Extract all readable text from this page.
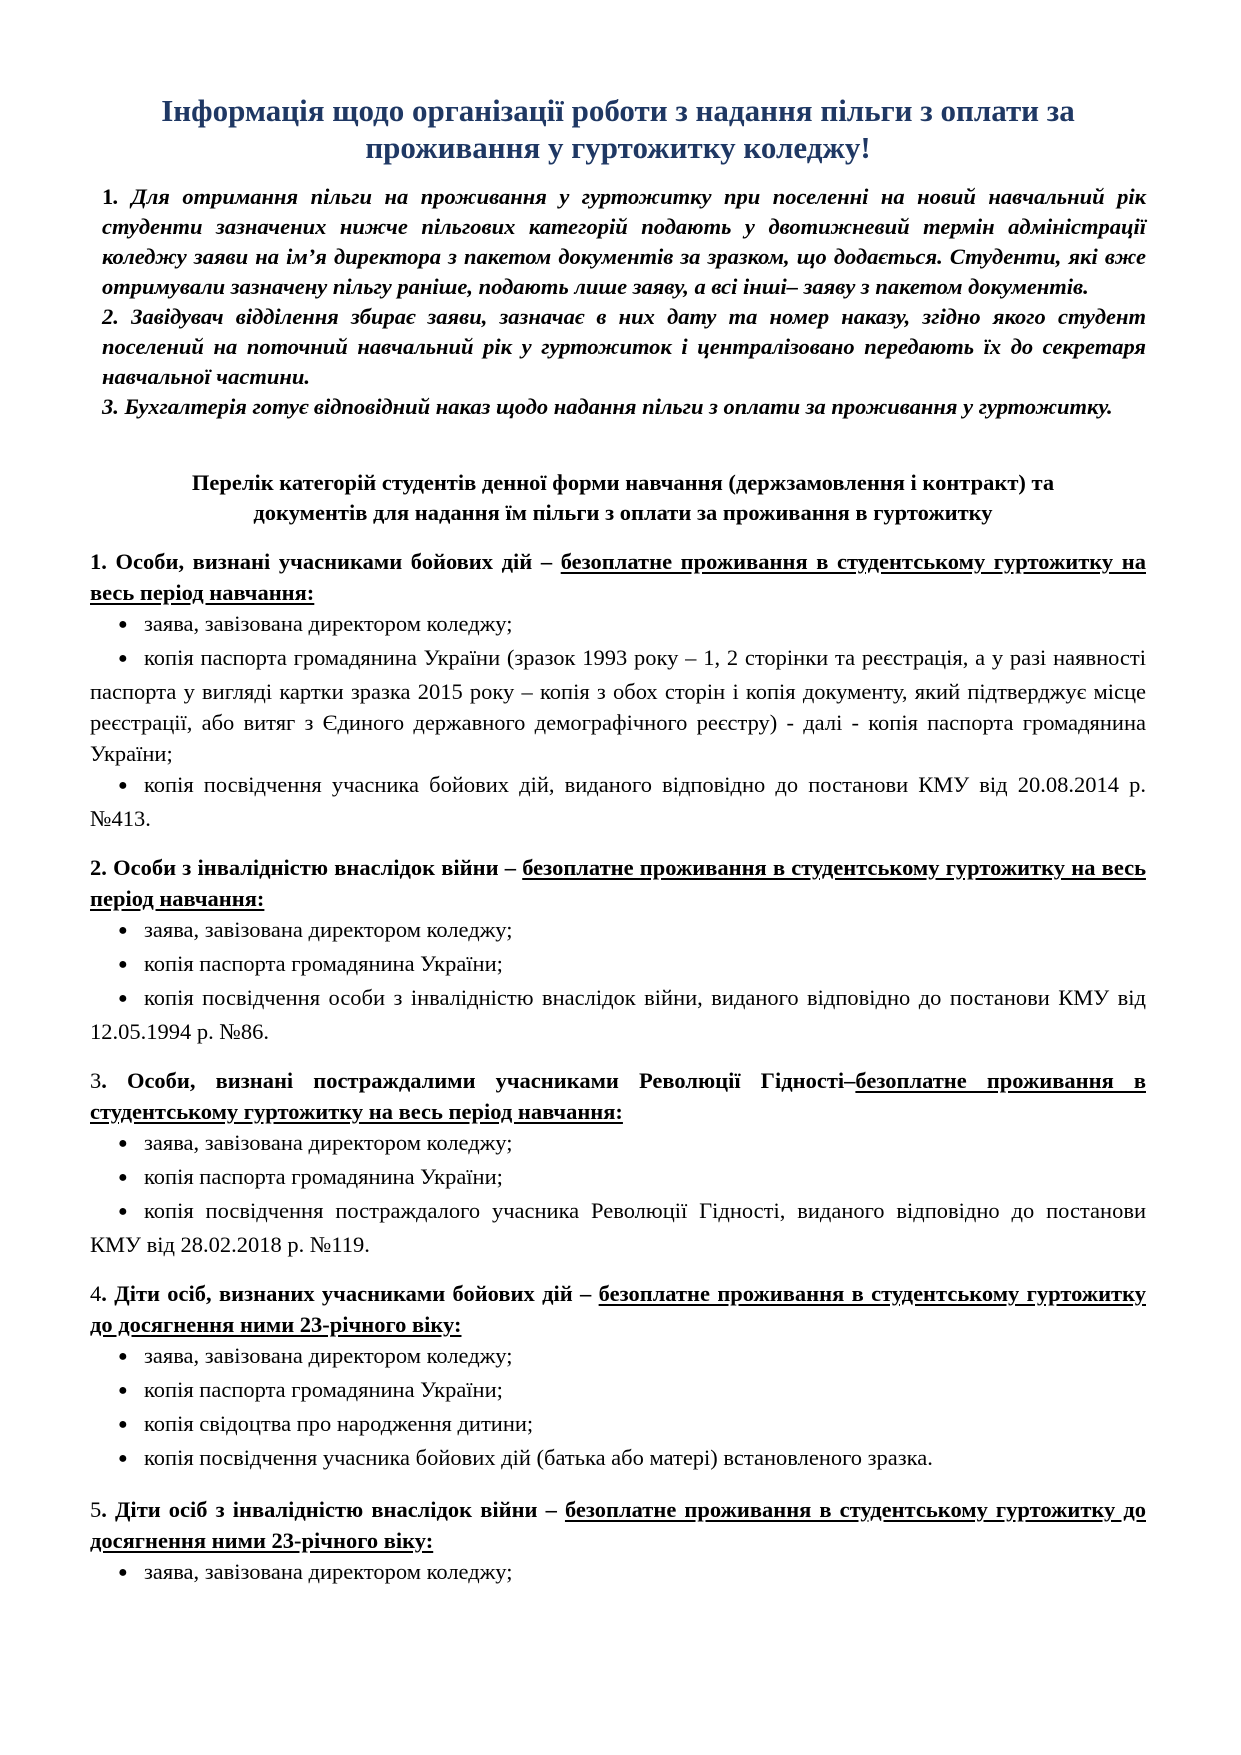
Інформація щодо організації роботи з надання пільги з оплати за
проживання у гуртожитку коледжу!

1. Для отримання пільги на проживання у гуртожитку при поселенні на новий навчальний рік студенти зазначених нижче пільгових категорій подають у двотижневий термін адміністрації коледжу заяви на ім’я директора з пакетом документів за зразком, що додається. Студенти, які вже отримували зазначену пільгу раніше, подають лише заяву, а всі інші– заяву з пакетом документів.

2. Завідувач відділення збирає заяви, зазначає в них дату та номер наказу, згідно якого студент поселений на поточний навчальний рік у гуртожиток і централізовано передають їх до секретаря навчальної частини.

3. Бухгалтерія готує відповідний наказ щодо надання пільги з оплати за проживання у гуртожитку.

Перелік категорій студентів денної форми навчання (держзамовлення і контракт) та
документів для надання їм пільги з оплати за проживання в гуртожитку

1. Особи, визнані учасниками бойових дій – безоплатне проживання в студентському гуртожитку на весь період навчання:

● заява, завізована директором коледжу;
● копія паспорта громадянина України (зразок 1993 року – 1, 2 сторінки та реєстрація, а у разі наявності паспорта у вигляді картки зразка 2015 року – копія з обох сторін і копія документу, який підтверджує місце реєстрації, або витяг з Єдиного державного демографічного реєстру) - далі - копія паспорта громадянина України;
● копія посвідчення учасника бойових дій, виданого відповідно до постанови КМУ від 20.08.2014 р. №413.

2. Особи з інвалідністю внаслідок війни – безоплатне проживання в студентському гуртожитку на весь період навчання:

● заява, завізована директором коледжу;
● копія паспорта громадянина України;
● копія посвідчення особи з інвалідністю внаслідок війни, виданого відповідно до постанови КМУ від 12.05.1994 р. №86.

3. Особи, визнані постраждалими учасниками Революції Гідності–безоплатне проживання в студентському гуртожитку на весь період навчання:

● заява, завізована директором коледжу;
● копія паспорта громадянина України;
● копія посвідчення постраждалого учасника Революції Гідності, виданого відповідно до постанови КМУ від 28.02.2018 р. №119.

4. Діти осіб, визнаних учасниками бойових дій – безоплатне проживання в студентському гуртожитку до досягнення ними 23-річного віку:

● заява, завізована директором коледжу;
● копія паспорта громадянина України;
● копія свідоцтва про народження дитини;
● копія посвідчення учасника бойових дій (батька або матері) встановленого зразка.

5. Діти осіб з інвалідністю внаслідок війни – безоплатне проживання в студентському гуртожитку до досягнення ними 23-річного віку:

● заява, завізована директором коледжу;
